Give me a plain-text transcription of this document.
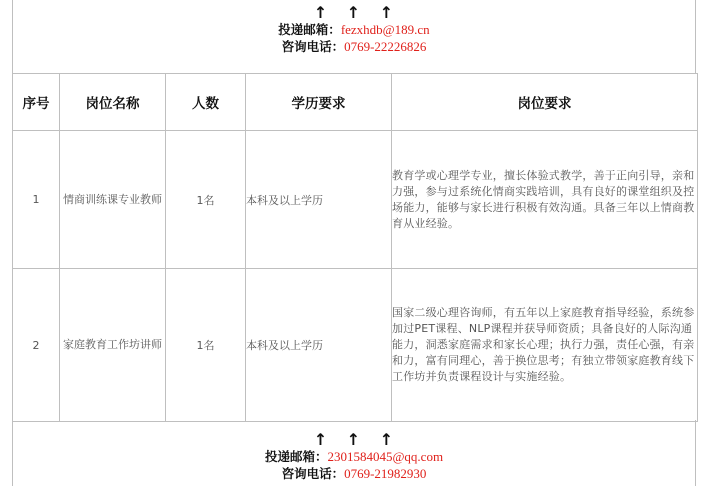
↑ ↑ ↑
投递邮箱：fezxhdb@189.cn
咨询电话：0769-22226826
序号	岗位名称	人数	学历要求	岗位要求
1	情商训练课专业教师	1名	本科及以上学历	教育学或心理学专业，擅长体验式教学，善于正向引导，亲和力强，参与过系统化情商实践培训，具有良好的课堂组织及控场能力，能够与家长进行积极有效沟通。具备三年以上情商教育从业经验。
2	家庭教育工作坊讲师	1名	本科及以上学历	国家二级心理咨询师，有五年以上家庭教育指导经验，系统参加过PET课程、NLP课程并获导师资质；具备良好的人际沟通能力，洞悉家庭需求和家长心理；执行力强，责任心强，有亲和力，富有同理心，善于换位思考；有独立带领家庭教育线下工作坊并负责课程设计与实施经验。
↑ ↑ ↑
投递邮箱：2301584045@qq.com
咨询电话：0769-21982930
